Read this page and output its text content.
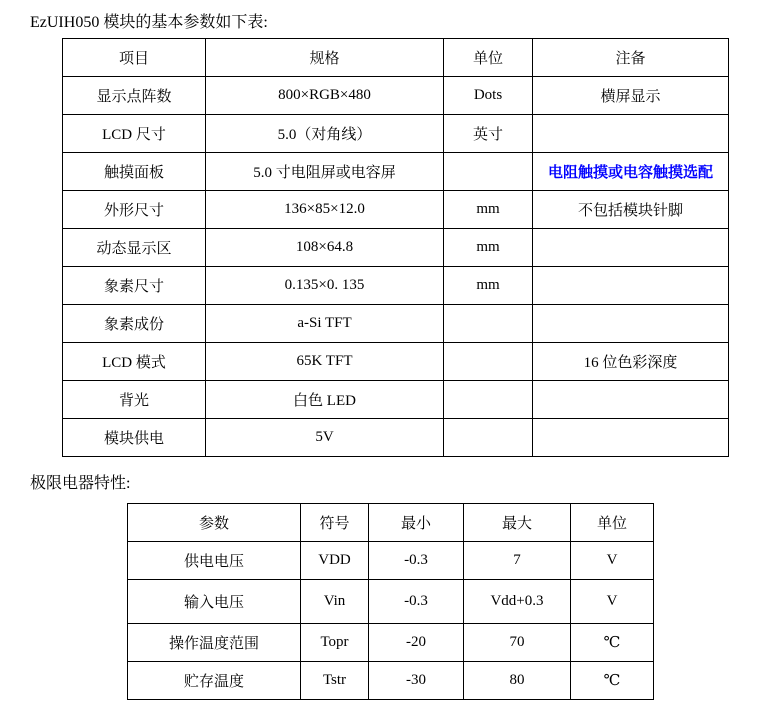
EzUIH050 模块的基本参数如下表:
项目	规格	单位	注备
显示点阵数	800×RGB×480	Dots	横屏显示
LCD 尺寸	5.0（对角线）	英寸	
触摸面板	5.0 寸电阻屏或电容屏		电阻触摸或电容触摸选配
外形尺寸	136×85×12.0	mm	不包括模块针脚
动态显示区	108×64.8	mm	
象素尺寸	0.135×0. 135	mm	
象素成份	a-Si TFT		
LCD 模式	65K TFT		16 位色彩深度
背光	白色 LED		
模块供电	5V		
极限电器特性:
参数	符号	最小	最大	单位
供电电压	VDD	-0.3	7	V
输入电压	Vin	-0.3	Vdd+0.3	V
操作温度范围	Topr	-20	70	℃
贮存温度	Tstr	-30	80	℃
